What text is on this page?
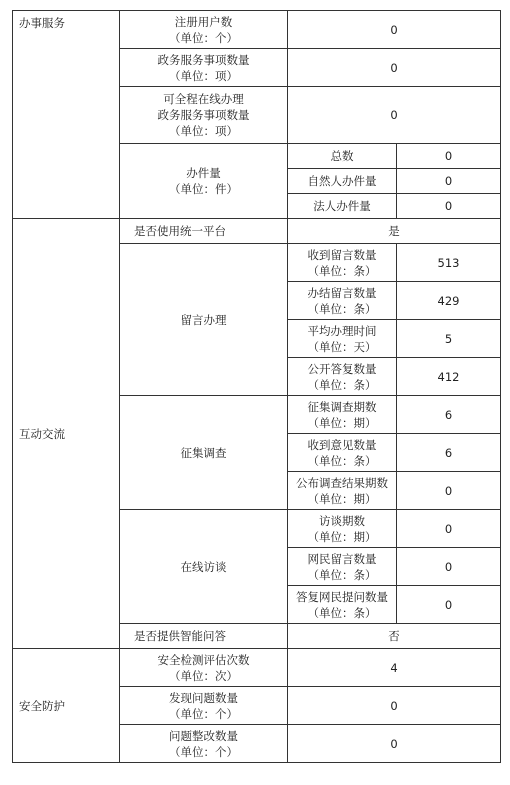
办事服务	注册用户数
（单位：个）	0	

	政务服务事项数量
（单位：项）	0	

	可全程在线办理
政务服务事项数量
（单位：项）	0	

	办件量
（单位：件）	总数	0
		自然人办件量	0
		法人办件量	0

互动交流	是否使用统一平台	是	
	留言办理	收到留言数量
（单位：条）	513

		办结留言数量
（单位：条）	429

		平均办理时间
（单位：天）	5

		公开答复数量
（单位：条）	412
	征集调查	征集调查期数
（单位：期）	6

		收到意见数量
（单位：条）	6

		公布调查结果期数
（单位：期）	0
	在线访谈	访谈期数
（单位：期）	0

		网民留言数量
（单位：条）	0

		答复网民提问数量
（单位：条）	0
	是否提供智能问答	否	
安全防护	安全检测评估次数
（单位：次）	4	

	发现问题数量
（单位：个）	0	

	问题整改数量
（单位：个）	0	
